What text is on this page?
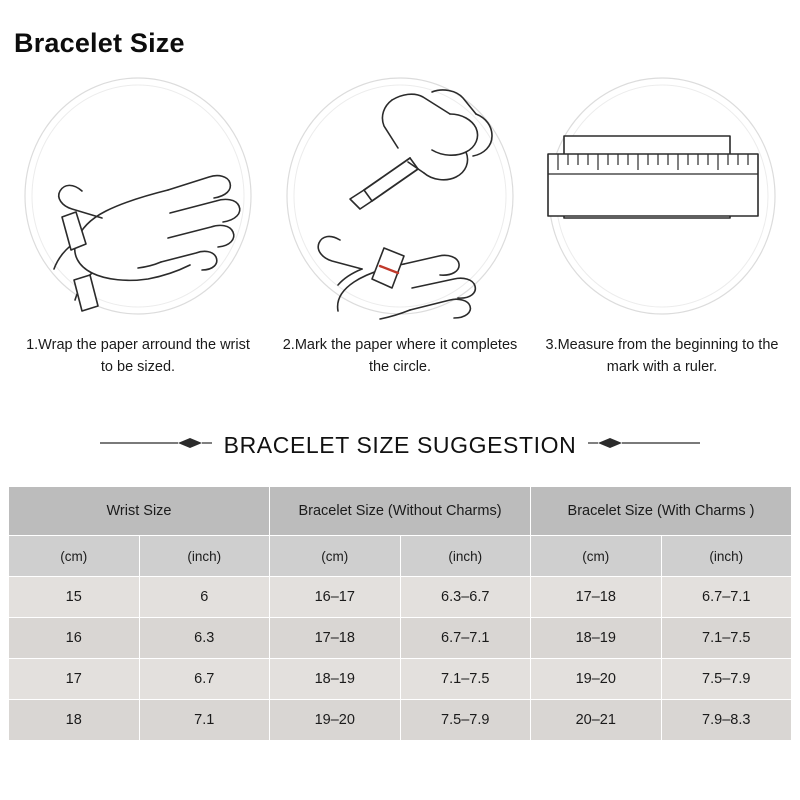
Bracelet Size
1.Wrap the paper arround the wrist to be sized.
2.Mark the paper where it completes the circle.
3.Measure from the beginning to the mark with a ruler.
BRACELET SIZE SUGGESTION
Wrist Size		Bracelet Size (Without Charms)		Bracelet Size (With Charms )	
(cm)	(inch)	(cm)	(inch)	(cm)	(inch)
15	6	16–17	6.3–6.7	17–18	6.7–7.1
16	6.3	17–18	6.7–7.1	18–19	7.1–7.5
17	6.7	18–19	7.1–7.5	19–20	7.5–7.9
18	7.1	19–20	7.5–7.9	20–21	7.9–8.3
